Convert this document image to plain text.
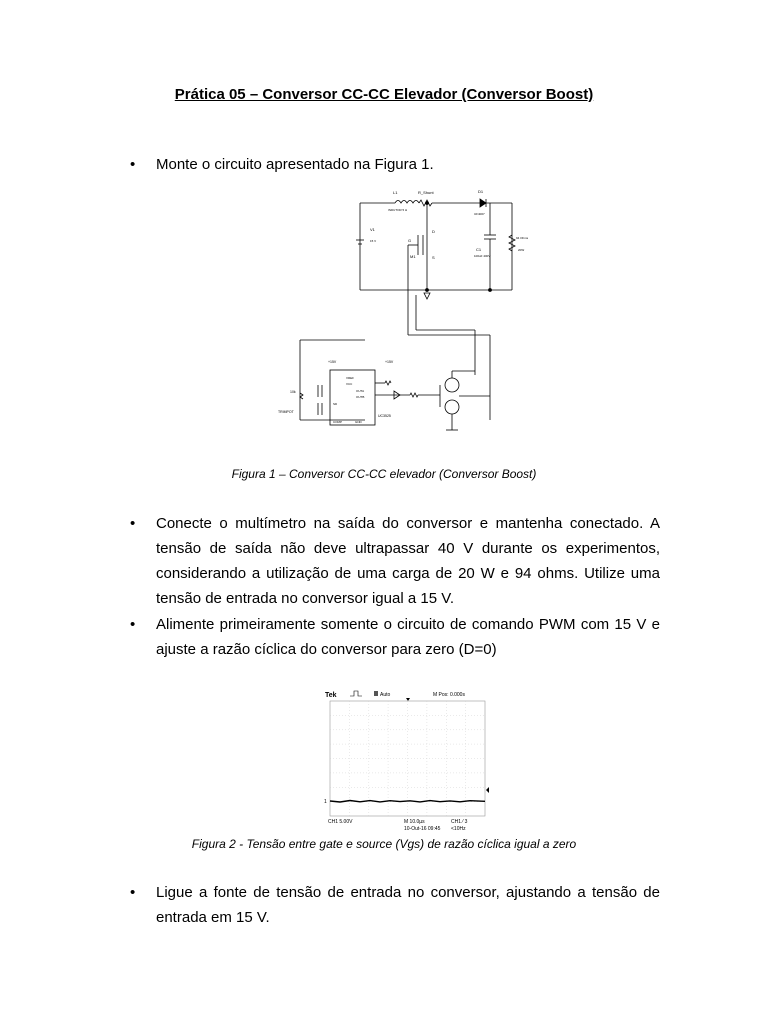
Prática 05 – Conversor CC-CC Elevador (Conversor Boost)
•	Monte o circuito apresentado na Figura 1.
L1
INDUTOR 5 H
R_Shunt	D1
UF4007
V1
15 V
C1
100uF 400V
94 Ohms
20W
M1
D
S
G
VREF
VCC
OUTA
OUTB
SD
COMP	GND
UC3525
+15V	+15V
10k
TRIMPOT
Figura 1 – Conversor CC-CC elevador (Conversor Boost)
•	Conecte o multímetro na saída do conversor e mantenha conectado. A tensão de saída não deve ultrapassar 40 V durante os experimentos, considerando a utilização de uma carga de 20 W e 94 ohms. Utilize uma tensão de entrada no conversor igual a 15 V.
•	Alimente primeiramente somente o circuito de comando PWM com 15 V e ajuste a razão cíclica do conversor para zero (D=0)
Tek	Auto	M Pos: 0.000s
1
CH1 5.00V	M 10.0µs	CH1 ⁄ 3
10-Out-16 09:45 <10Hz
Figura 2 - Tensão entre gate e source (Vgs) de razão cíclica igual a zero
•	Ligue a fonte de tensão de entrada no conversor, ajustando a tensão de entrada em 15 V.
